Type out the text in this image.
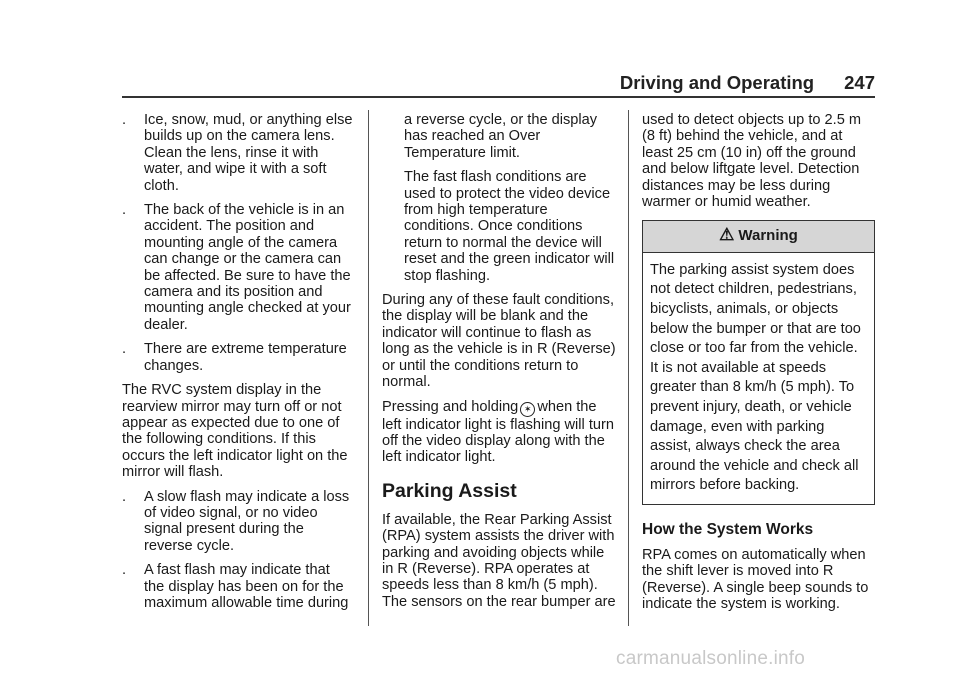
Driving and Operating 247
. Ice, snow, mud, or anything else builds up on the camera lens. Clean the lens, rinse it with water, and wipe it with a soft cloth.
. The back of the vehicle is in an accident. The position and mounting angle of the camera can change or the camera can be affected. Be sure to have the camera and its position and mounting angle checked at your dealer.
. There are extreme temperature changes.

The RVC system display in the rearview mirror may turn off or not appear as expected due to one of the following conditions. If this occurs the left indicator light on the mirror will flash.

. A slow flash may indicate a loss of video signal, or no video signal present during the reverse cycle.
. A fast flash may indicate that the display has been on for the maximum allowable time during
a reverse cycle, or the display has reached an Over Temperature limit.
The fast flash conditions are used to protect the video device from high temperature conditions. Once conditions return to normal the device will reset and the green indicator will stop flashing.

During any of these fault conditions, the display will be blank and the indicator will continue to flash as long as the vehicle is in R (Reverse) or until the conditions return to normal.

Pressing and holding ✶ when the left indicator light is flashing will turn off the video display along with the left indicator light.

Parking Assist

If available, the Rear Parking Assist (RPA) system assists the driver with parking and avoiding objects while in R (Reverse). RPA operates at speeds less than 8 km/h (5 mph). The sensors on the rear bumper are

used to detect objects up to 2.5 m (8 ft) behind the vehicle, and at least 25 cm (10 in) off the ground and below liftgate level. Detection distances may be less during warmer or humid weather.

⚠ Warning
The parking assist system does not detect children, pedestrians, bicyclists, animals, or objects below the bumper or that are too close or too far from the vehicle. It is not available at speeds greater than 8 km/h (5 mph). To prevent injury, death, or vehicle damage, even with parking assist, always check the area around the vehicle and check all mirrors before backing.
How the System Works

RPA comes on automatically when the shift lever is moved into R (Reverse). A single beep sounds to indicate the system is working.

carmanualsonline.info
